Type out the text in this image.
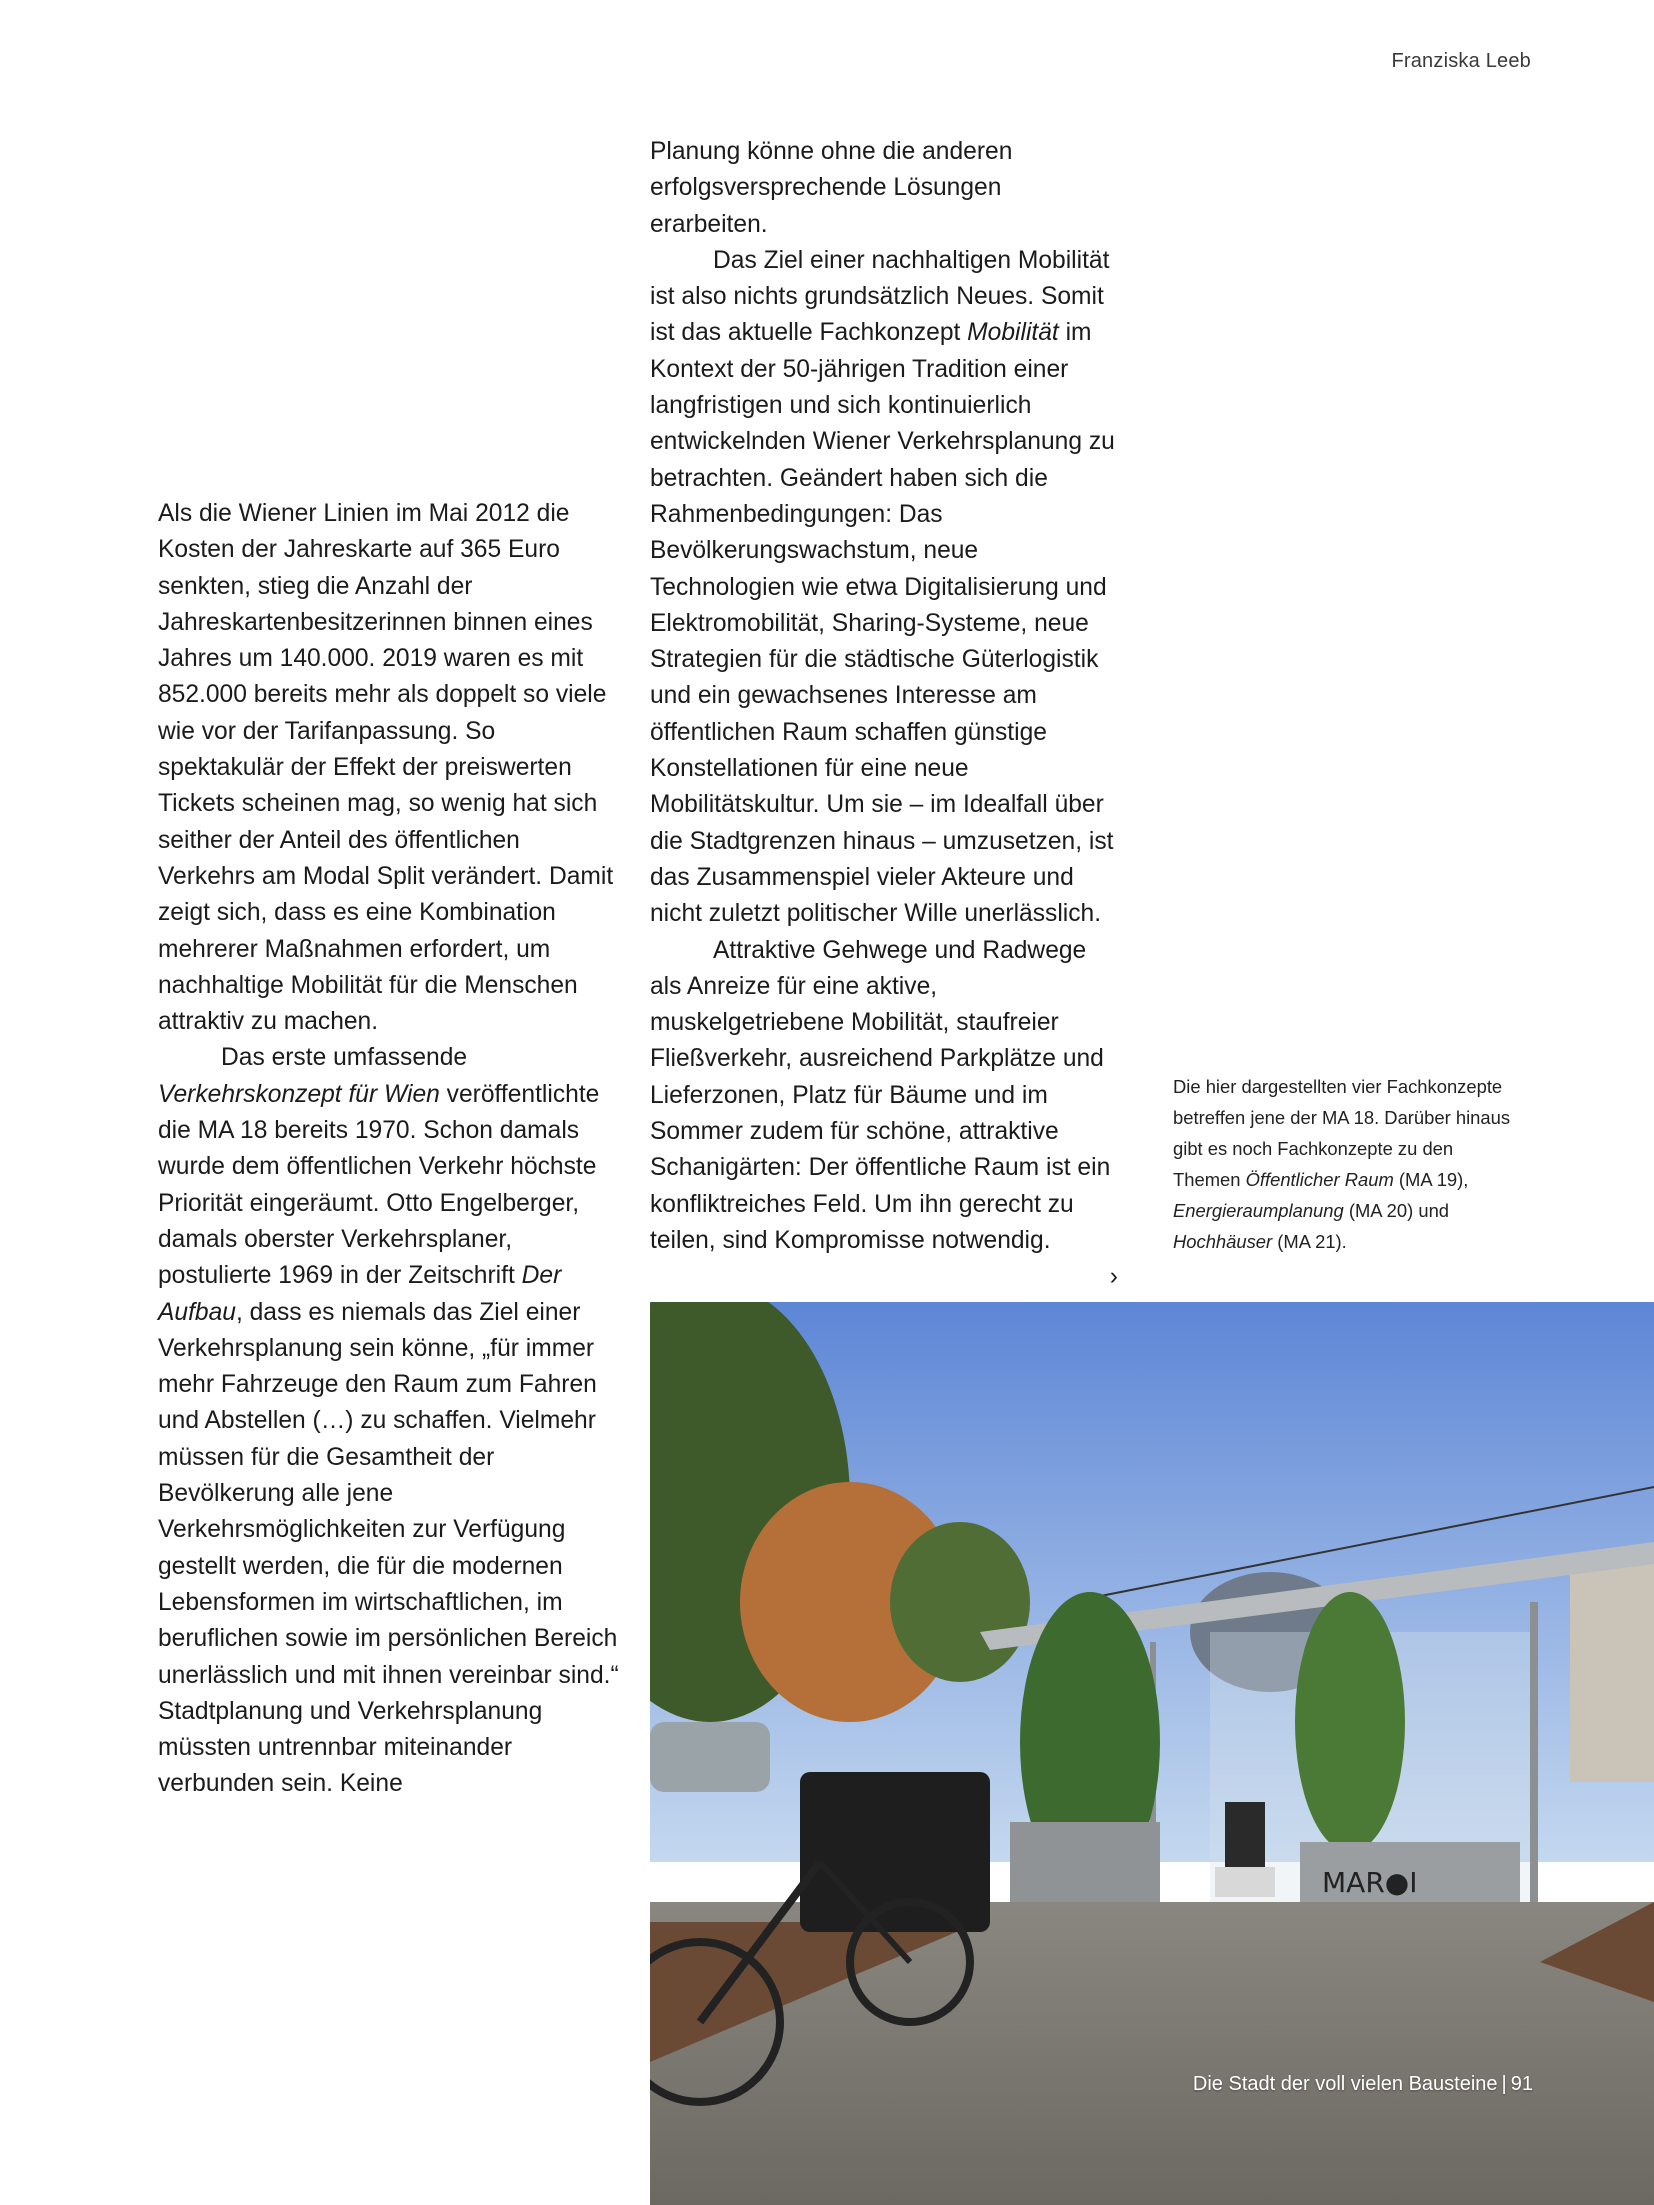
Franziska Leeb

Als die Wiener Linien im Mai 2012 die Kosten der Jahreskarte auf 365 Euro senkten, stieg die Anzahl der Jahreskartenbesitzerinnen binnen eines Jahres um 140.000. 2019 waren es mit 852.000 bereits mehr als doppelt so viele wie vor der Tarifanpassung. So spektakulär der Effekt der preiswerten Tickets scheinen mag, so wenig hat sich seither der Anteil des öffentlichen Verkehrs am Modal Split verändert. Damit zeigt sich, dass es eine Kombination mehrerer Maßnahmen erfordert, um nachhaltige Mobilität für die Menschen attraktiv zu machen.

Das erste umfassende Verkehrskonzept für Wien veröffentlichte die MA 18 bereits 1970. Schon damals wurde dem öffentlichen Verkehr höchste Priorität eingeräumt. Otto Engelberger, damals oberster Verkehrsplaner, postulierte 1969 in der Zeitschrift Der Aufbau, dass es niemals das Ziel einer Verkehrsplanung sein könne, „für immer mehr Fahrzeuge den Raum zum Fahren und Abstellen (…) zu schaffen. Vielmehr müssen für die Gesamtheit der Bevölkerung alle jene Verkehrsmöglichkeiten zur Verfügung gestellt werden, die für die modernen Lebensformen im wirtschaftlichen, im beruflichen sowie im persönlichen Bereich unerlässlich und mit ihnen vereinbar sind.“ Stadtplanung und Verkehrsplanung müssten untrennbar miteinander verbunden sein. Keine

Planung könne ohne die anderen erfolgsversprechende Lösungen erarbeiten.

Das Ziel einer nachhaltigen Mobilität ist also nichts grundsätzlich Neues. Somit ist das aktuelle Fachkonzept Mobilität im Kontext der 50-jährigen Tradition einer langfristigen und sich kontinuierlich entwickelnden Wiener Verkehrsplanung zu betrachten. Geändert haben sich die Rahmenbedingungen: Das Bevölkerungswachstum, neue Technologien wie etwa Digitalisierung und Elektromobilität, Sharing-Systeme, neue Strategien für die städtische Güterlogistik und ein gewachsenes Interesse am öffentlichen Raum schaffen günstige Konstellationen für eine neue Mobilitätskultur. Um sie – im Idealfall über die Stadtgrenzen hinaus – umzusetzen, ist das Zusammenspiel vieler Akteure und nicht zuletzt politischer Wille unerlässlich.

Attraktive Gehwege und Radwege als Anreize für eine aktive, muskelgetriebene Mobilität, staufreier Fließverkehr, ausreichend Parkplätze und Lieferzonen, Platz für Bäume und im Sommer zudem für schöne, attraktive Schanigärten: Der öffentliche Raum ist ein konfliktreiches Feld. Um ihn gerecht zu teilen, sind Kompromisse notwendig.
›

Die hier dargestellten vier Fachkonzepte betreffen jene der MA 18. Darüber hinaus gibt es noch Fachkonzepte zu den Themen Öffentlicher Raum (MA 19), Energieraumplanung (MA 20) und Hochhäuser (MA 21).
MAR●I
Die Stadt der voll vielen Bausteine | 91
